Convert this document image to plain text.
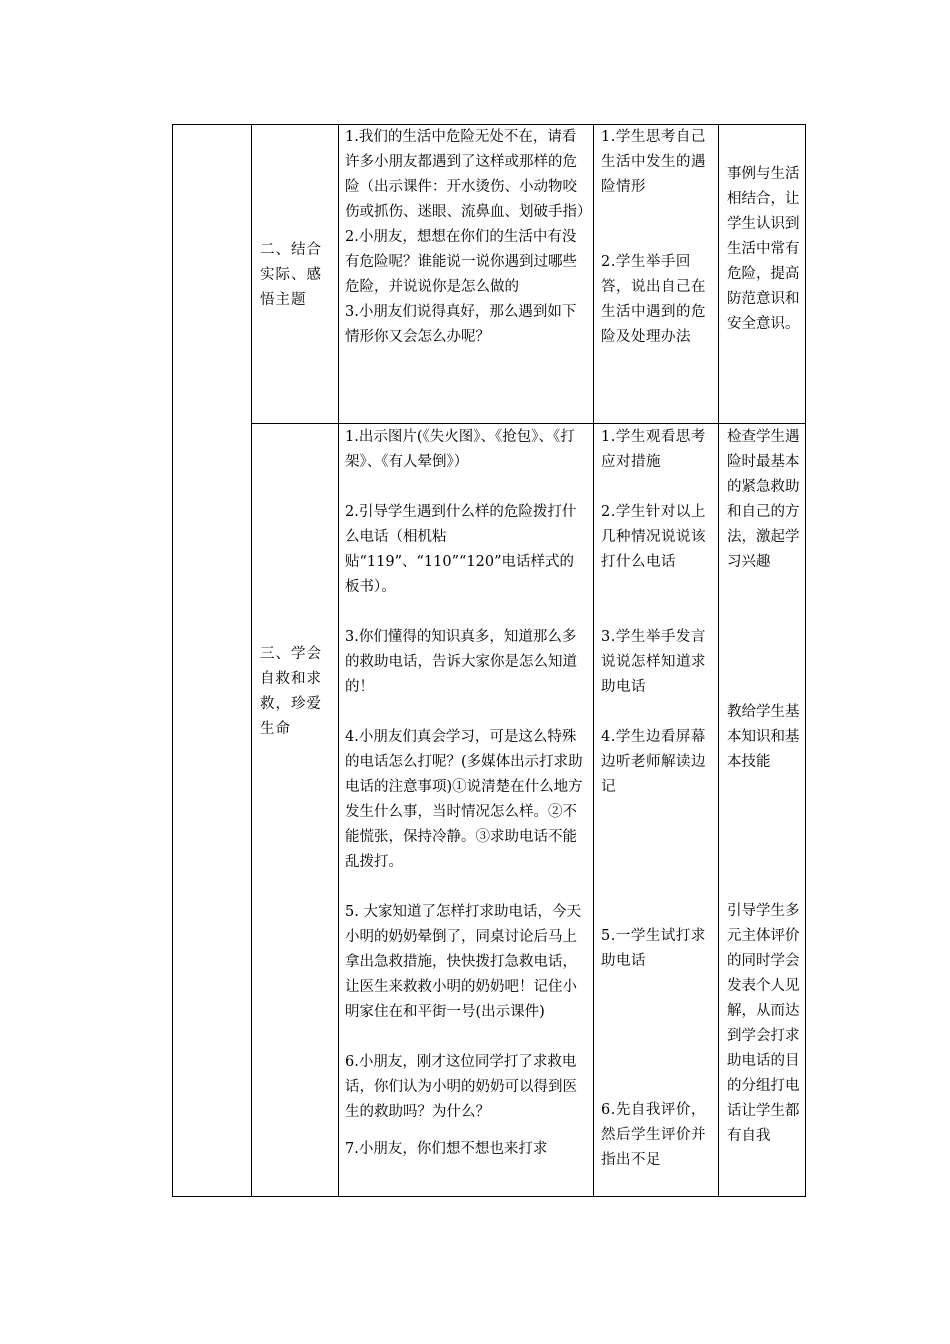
二、结合实际、感悟主题

1.我们的生活中危险无处不在，请看许多小朋友都遇到了这样或那样的危险（出示课件：开水烫伤、小动物咬伤或抓伤、迷眼、流鼻血、划破手指）

2.小朋友，想想在你们的生活中有没有危险呢？谁能说一说你遇到过哪些危险，并说说你是怎么做的

3.小朋友们说得真好，那么遇到如下情形你又会怎么办呢？

1.学生思考自己生活中发生的遇险情形

2.学生举手回答，说出自己在生活中遇到的危险及处理办法

事例与生活相结合，让学生认识到生活中常有危险，提高防范意识和安全意识。
三、学会自救和求救，珍爱生命

1.出示图片(《失火图》、《抢包》、《打架》、《有人晕倒》）

2.引导学生遇到什么样的危险拨打什么电话（相机粘贴“119”、“110”“120”电话样式的板书）。

3.你们懂得的知识真多，知道那么多的救助电话，告诉大家你是怎么知道的！

4.小朋友们真会学习，可是这么特殊的电话怎么打呢？(多媒体出示打求助电话的注意事项)①说清楚在什么地方发生什么事，当时情况怎么样。②不能慌张，保持冷静。③求助电话不能乱拨打。

5. 大家知道了怎样打求助电话，今天小明的奶奶晕倒了，同桌讨论后马上拿出急救措施，快快拨打急救电话，让医生来救救小明的奶奶吧！记住小明家住在和平街一号(出示课件)

6.小朋友，刚才这位同学打了求救电话，你们认为小明的奶奶可以得到医生的救助吗？为什么？

7.小朋友，你们想不想也来打求

1.学生观看思考应对措施
2.学生针对以上几种情况说说该打什么电话
3.学生举手发言说说怎样知道求助电话
4.学生边看屏幕边听老师解读边记
5.一学生试打求助电话
6.先自我评价，然后学生评价并指出不足
检查学生遇险时最基本的紧急救助和自己的方法，激起学习兴趣
教给学生基本知识和基本技能
引导学生多元主体评价的同时学会发表个人见解，从而达到学会打求助电话的目的分组打电话让学生都有自我
